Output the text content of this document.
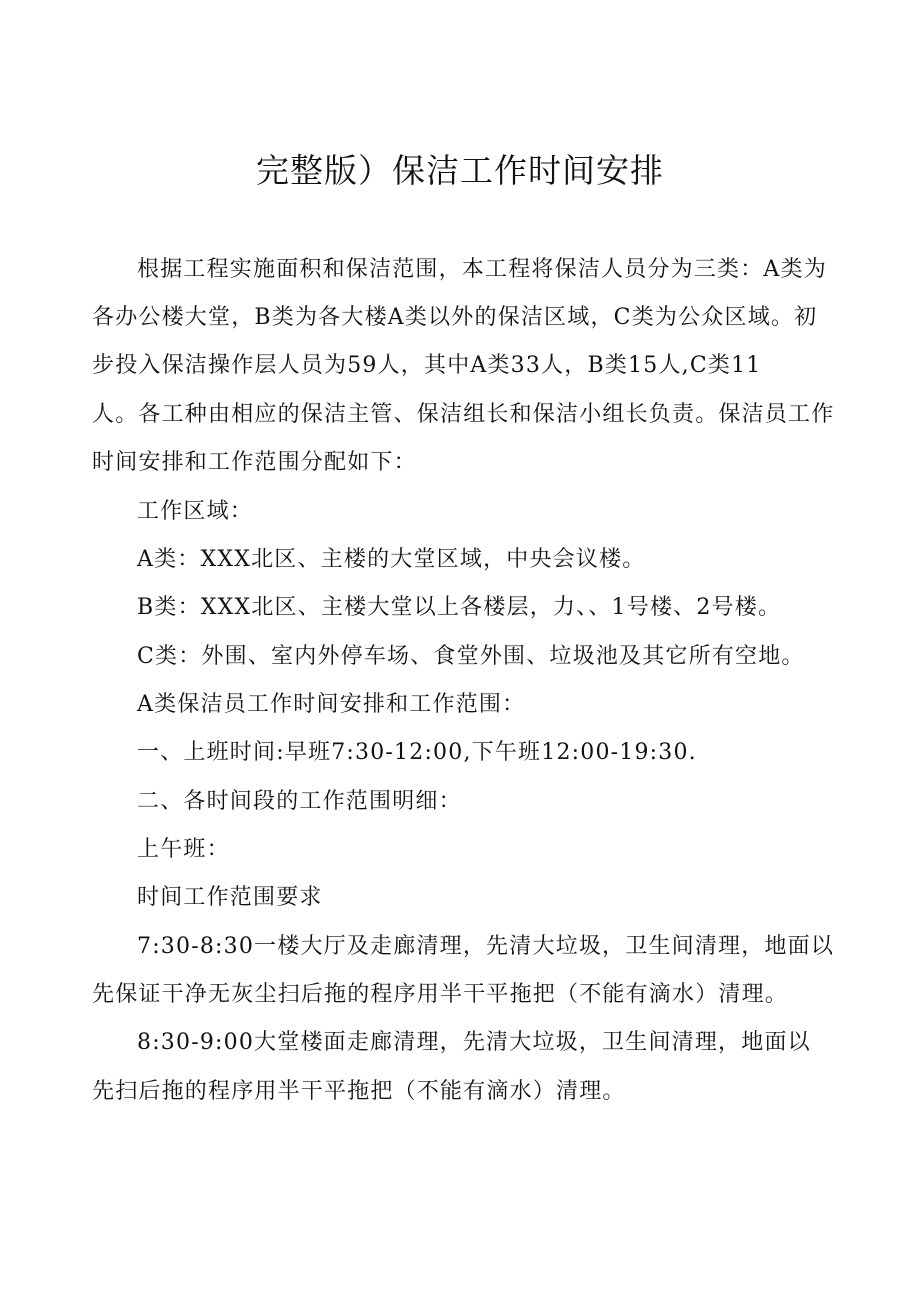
完整版）保洁工作时间安排

根据工程实施面积和保洁范围，本工程将保洁人员分为三类：A类为

各办公楼大堂，B类为各大楼A类以外的保洁区域，C类为公众区域。初

步投入保洁操作层人员为59人，其中A类33人，B类15人,C类11

人。各工种由相应的保洁主管、保洁组长和保洁小组长负责。保洁员工作

时间安排和工作范围分配如下：

工作区域：

A类：XXX北区、主楼的大堂区域，中央会议楼。

B类：XXX北区、主楼大堂以上各楼层，力、、1号楼、2号楼。

C类：外围、室内外停车场、食堂外围、垃圾池及其它所有空地。

A类保洁员工作时间安排和工作范围：

一、上班时间:早班7:30-12:00,下午班12:00-19:30.

二、各时间段的工作范围明细：

上午班：

时间工作范围要求

7:30-8:30一楼大厅及走廊清理，先清大垃圾，卫生间清理，地面以

先保证干净无灰尘扫后拖的程序用半干平拖把（不能有滴水）清理。

8:30-9:00大堂楼面走廊清理，先清大垃圾，卫生间清理，地面以

先扫后拖的程序用半干平拖把（不能有滴水）清理。
